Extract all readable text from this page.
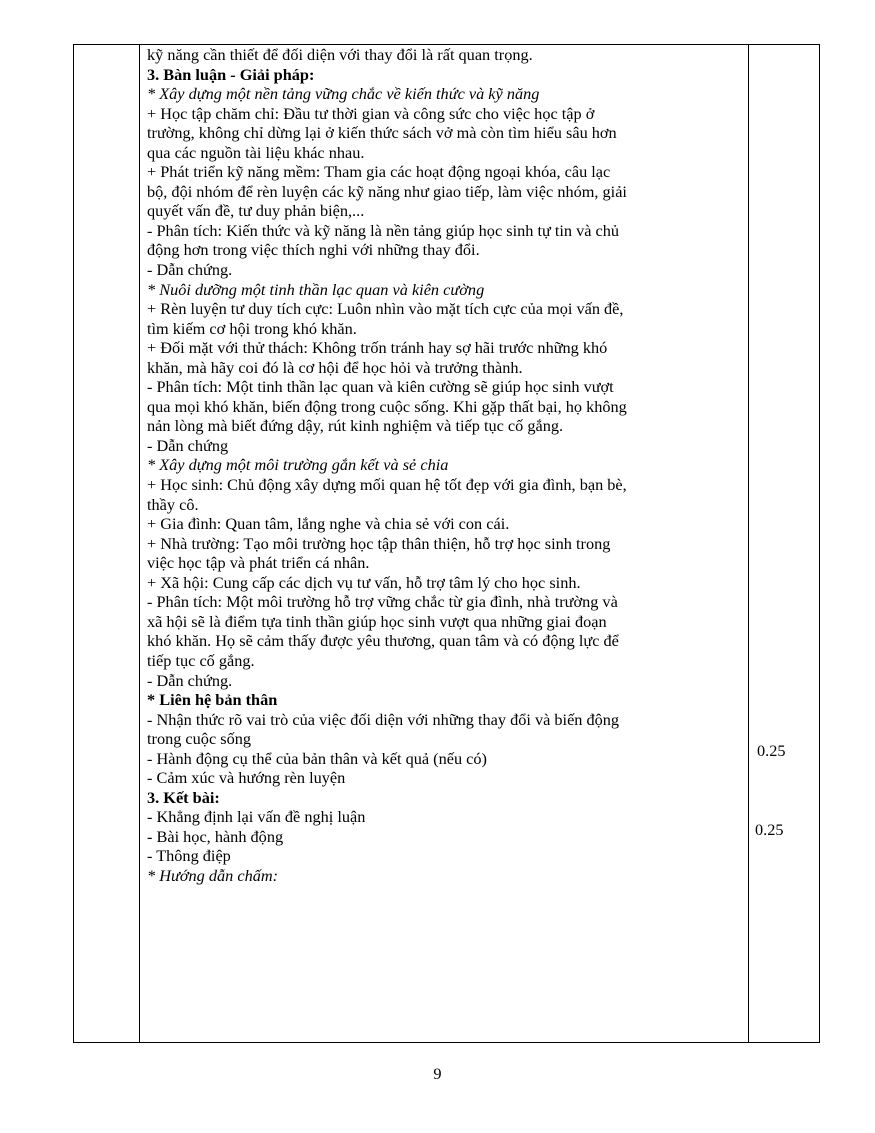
kỹ năng cần thiết để đối diện với thay đổi là rất quan trọng.
3. Bàn luận - Giải pháp:
* Xây dựng một nền tảng vững chắc về kiến thức và kỹ năng
+ Học tập chăm chỉ: Đầu tư thời gian và công sức cho việc học tập ở
trường, không chỉ dừng lại ở kiến thức sách vở mà còn tìm hiểu sâu hơn
qua các nguồn tài liệu khác nhau.
+ Phát triển kỹ năng mềm: Tham gia các hoạt động ngoại khóa, câu lạc
bộ, đội nhóm để rèn luyện các kỹ năng như giao tiếp, làm việc nhóm, giải
quyết vấn đề, tư duy phản biện,...
- Phân tích: Kiến thức và kỹ năng là nền tảng giúp học sinh tự tin và chủ
động hơn trong việc thích nghi với những thay đổi.
- Dẫn chứng.
* Nuôi dưỡng một tinh thần lạc quan và kiên cường
+ Rèn luyện tư duy tích cực: Luôn nhìn vào mặt tích cực của mọi vấn đề,
tìm kiếm cơ hội trong khó khăn.
+ Đối mặt với thử thách: Không trốn tránh hay sợ hãi trước những khó
khăn, mà hãy coi đó là cơ hội để học hỏi và trưởng thành.
- Phân tích: Một tinh thần lạc quan và kiên cường sẽ giúp học sinh vượt
qua mọi khó khăn, biến động trong cuộc sống. Khi gặp thất bại, họ không
nản lòng mà biết đứng dậy, rút kinh nghiệm và tiếp tục cố gắng.
- Dẫn chứng
* Xây dựng một môi trường gắn kết và sẻ chia
+ Học sinh: Chủ động xây dựng mối quan hệ tốt đẹp với gia đình, bạn bè,
thầy cô.
+ Gia đình: Quan tâm, lắng nghe và chia sẻ với con cái.
+ Nhà trường: Tạo môi trường học tập thân thiện, hỗ trợ học sinh trong
việc học tập và phát triển cá nhân.
+ Xã hội: Cung cấp các dịch vụ tư vấn, hỗ trợ tâm lý cho học sinh.
- Phân tích: Một môi trường hỗ trợ vững chắc từ gia đình, nhà trường và
xã hội sẽ là điểm tựa tinh thần giúp học sinh vượt qua những giai đoạn
khó khăn. Họ sẽ cảm thấy được yêu thương, quan tâm và có động lực để
tiếp tục cố gắng.
- Dẫn chứng.
* Liên hệ bản thân
- Nhận thức rõ vai trò của việc đối diện với những thay đổi và biến động
trong cuộc sống
- Hành động cụ thể của bản thân và kết quả (nếu có)
- Cảm xúc và hướng rèn luyện
3. Kết bài:
- Khẳng định lại vấn đề nghị luận
- Bài học, hành động
- Thông điệp
* Hướng dẫn chấm:

0.25
0.25
9
